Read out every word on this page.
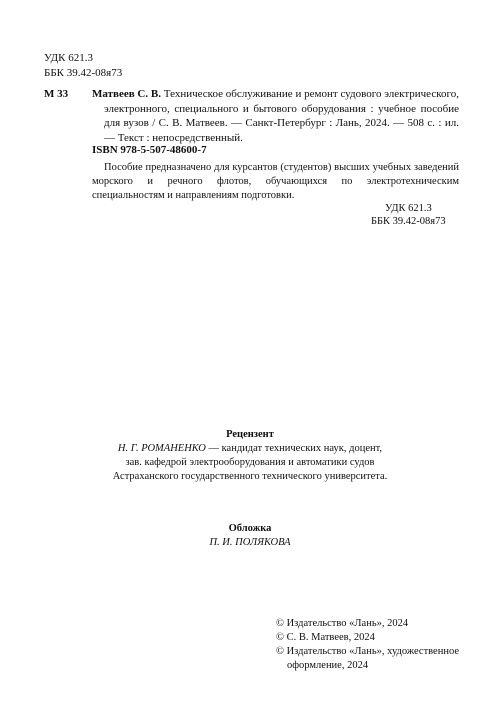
УДК 621.3
ББК 39.42-08я73
М 33 Матвеев С. В. Техническое обслуживание и ремонт судового электрического, электронного, специального и бытового оборудования : учебное пособие для вузов / С. В. Матвеев. — Санкт-Петербург : Лань, 2024. — 508 с. : ил. — Текст : непосредственный.
ISBN 978-5-507-48600-7
Пособие предназначено для курсантов (студентов) высших учебных заведений морского и речного флотов, обучающихся по электротехническим специальностям и направлениям подготовки.
УДК 621.3
ББК 39.42-08я73
Рецензент
Н. Г. РОМАНЕНКО — кандидат технических наук, доцент,
зав. кафедрой электрооборудования и автоматики судов
Астраханского государственного технического университета.
Обложка
П. И. ПОЛЯКОВА
© Издательство «Лань», 2024
© С. В. Матвеев, 2024
© Издательство «Лань», художественное
оформление, 2024
